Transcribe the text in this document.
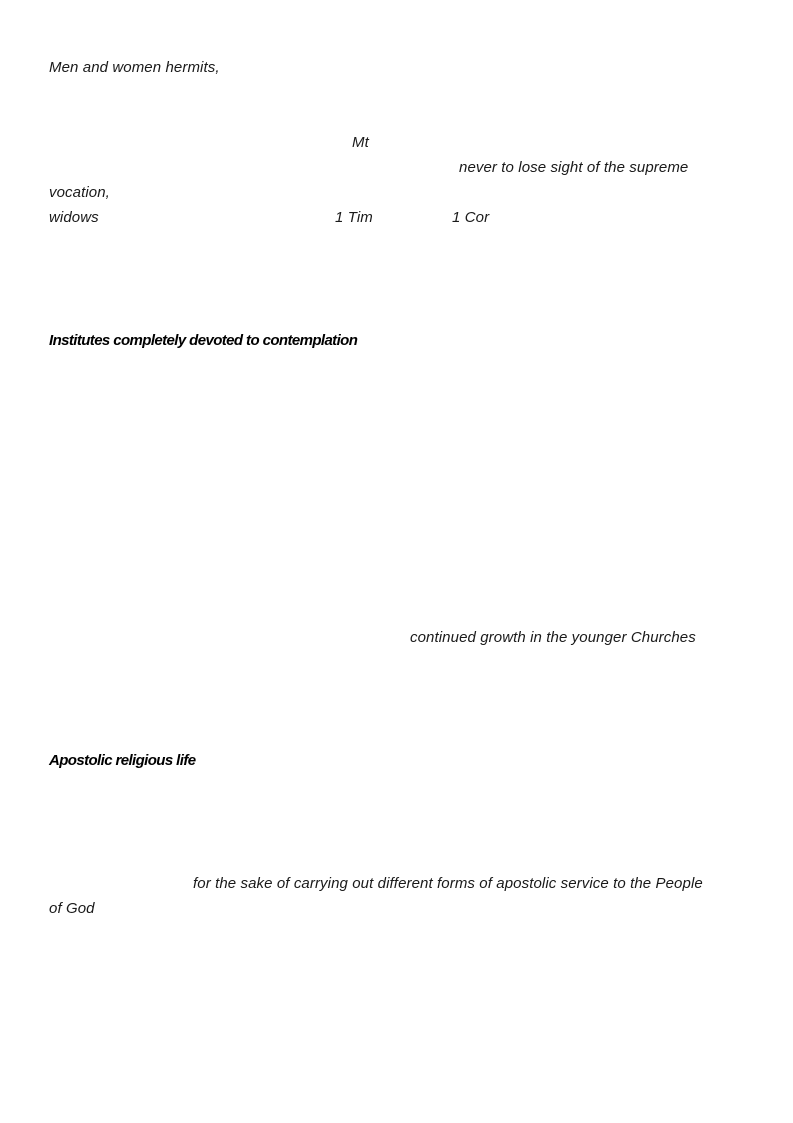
Men and women hermits,
Mt
never to lose sight of the supreme
vocation,
widows	1 Tim	1 Cor
Institutes completely devoted to contemplation
continued growth in the younger Churches
Apostolic religious life
for the sake of carrying out different forms of apostolic service to the People
of God
